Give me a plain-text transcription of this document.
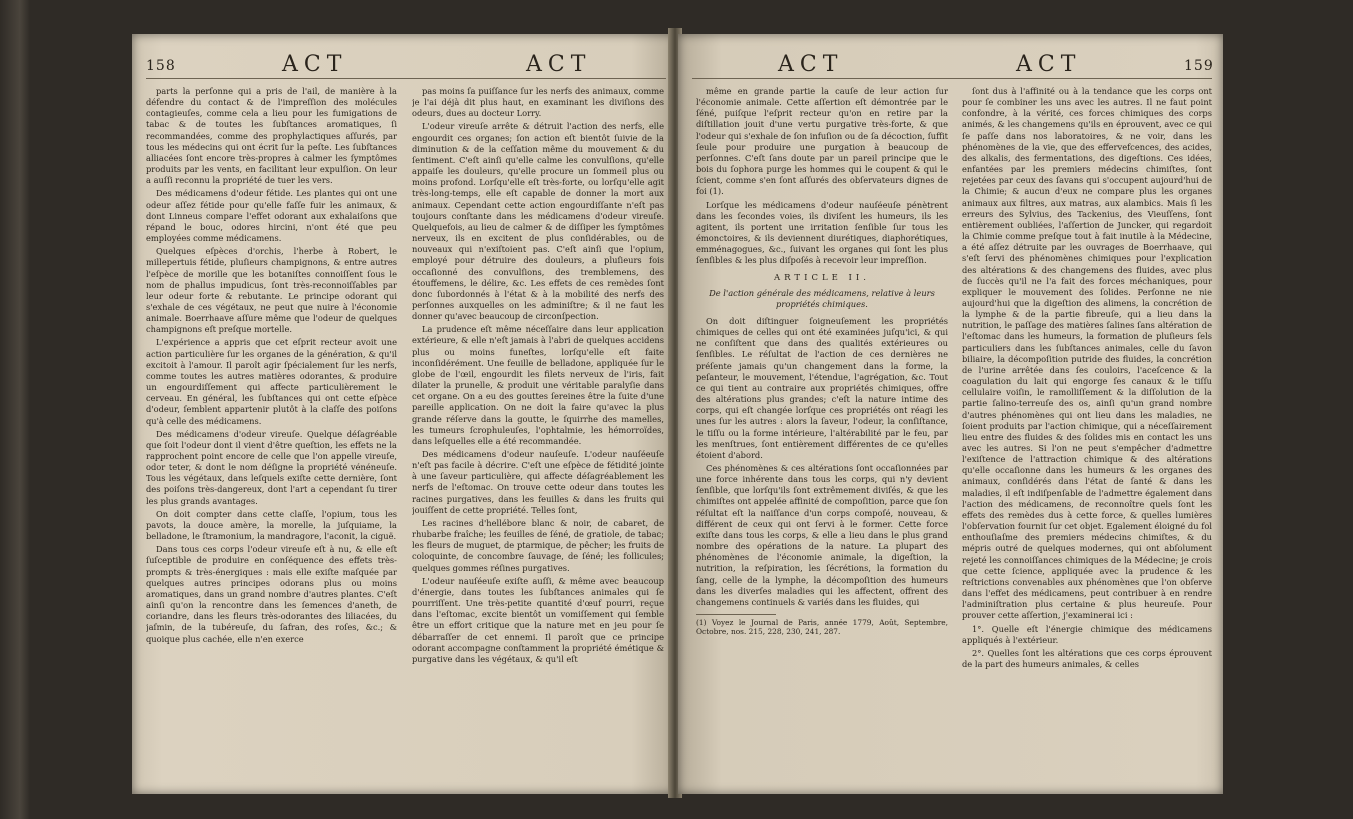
158	ACT	ACT

parts la perſonne qui a pris de l'ail, de manière à la défendre du contact & de l'impreſſion des molécules contagieuſes, comme cela a lieu pour les fumigations de tabac & de toutes les ſubſtances aromatiques, ſi recommandées, comme des prophylactiques aſſurés, par tous les médecins qui ont écrit ſur la peſte. Les ſubſtances alliacées ſont encore très-propres à calmer les ſymptômes produits par les vents, en facilitant leur expulſion. On leur a auſſi reconnu la propriété de tuer les vers.

Des médicamens d'odeur fétide. Les plantes qui ont une odeur aſſez fétide pour qu'elle faſſe fuir les animaux, & dont Linneus compare l'effet odorant aux exhalaiſons que répand le bouc, odores hircini, n'ont été que peu employées comme médicamens.

Quelques eſpèces d'orchis, l'herbe à Robert, le millepertuis fétide, pluſieurs champignons, & entre autres l'eſpèce de morille que les botaniſtes connoiſſent ſous le nom de phallus impudicus, ſont très-reconnoiſſables par leur odeur forte & rebutante. Le principe odorant qui s'exhale de ces végétaux, ne peut que nuire à l'économie animale. Boerrhaave aſſure même que l'odeur de quelques champignons eſt preſque mortelle.

L'expérience a appris que cet eſprit recteur avoit une action particulière ſur les organes de la génération, & qu'il excitoit à l'amour. Il paroît agir ſpécialement ſur les nerfs, comme toutes les autres matières odorantes, & produire un engourdiſſement qui affecte particulièrement le cerveau. En général, les ſubſtances qui ont cette eſpèce d'odeur, ſemblent appartenir plutôt à la claſſe des poiſons qu'à celle des médicamens.

Des médicamens d'odeur vireuſe. Quelque déſagréable que ſoit l'odeur dont il vient d'être queſtion, les effets ne la rapprochent point encore de celle que l'on appelle vireuſe, odor teter, & dont le nom déſigne la propriété vénéneuſe. Tous les végétaux, dans leſquels exiſte cette dernière, ſont des poiſons très-dangereux, dont l'art a cependant ſu tirer les plus grands avantages.

On doit compter dans cette claſſe, l'opium, tous les pavots, la douce amère, la morelle, la juſquiame, la belladone, le ſtramonium, la mandragore, l'aconit, la ciguë.

Dans tous ces corps l'odeur vireuſe eſt à nu, & elle eſt ſuſceptible de produire en conſéquence des effets très-prompts & très-énergiques : mais elle exiſte maſquée par quelques autres principes odorans plus ou moins aromatiques, dans un grand nombre d'autres plantes. C'eſt ainſi qu'on la rencontre dans les ſemences d'aneth, de coriandre, dans les fleurs très-odorantes des liliacées, du jaſmin, de la tubéreuſe, du ſafran, des roſes, &c.; & quoique plus cachée, elle n'en exerce

pas moins ſa puiſſance ſur les nerfs des animaux, comme je l'ai déjà dit plus haut, en examinant les diviſions des odeurs, dues au docteur Lorry.

L'odeur vireuſe arrête & détruit l'action des nerfs, elle engourdit ces organes; ſon action eſt bientôt ſuivie de la diminution & de la ceſſation même du mouvement & du ſentiment. C'eſt ainſi qu'elle calme les convulſions, qu'elle appaiſe les douleurs, qu'elle procure un ſommeil plus ou moins profond. Lorſqu'elle eſt très-forte, ou lorſqu'elle agit très-long-temps, elle eſt capable de donner la mort aux animaux. Cependant cette action engourdiſſante n'eſt pas toujours conſtante dans les médicamens d'odeur vireuſe. Quelquefois, au lieu de calmer & de diſſiper les ſymptômes nerveux, ils en excitent de plus conſidérables, ou de nouveaux qui n'exiſtoient pas. C'eſt ainſi que l'opium, employé pour détruire des douleurs, a pluſieurs fois occaſionné des convulſions, des tremblemens, des étouffemens, le délire, &c. Les effets de ces remèdes ſont donc ſubordonnés à l'état & à la mobilité des nerfs des perſonnes auxquelles on les adminiſtre; & il ne faut les donner qu'avec beaucoup de circonſpection.

La prudence eſt même néceſſaire dans leur application extérieure, & elle n'eſt jamais à l'abri de quelques accidens plus ou moins funeſtes, lorſqu'elle eſt faite inconſidérément. Une feuille de belladone, appliquée ſur le globe de l'œil, engourdit les filets nerveux de l'iris, fait dilater la prunelle, & produit une véritable paralyſie dans cet organe. On a eu des gouttes ſereines être la ſuite d'une pareille application. On ne doit la faire qu'avec la plus grande réſerve dans la goutte, le ſquirrhe des mamelles, les tumeurs ſcrophuleuſes, l'ophtalmie, les hémorroïdes, dans leſquelles elle a été recommandée.

Des médicamens d'odeur nauſeuſe. L'odeur nauſéeuſe n'eſt pas facile à décrire. C'eſt une eſpèce de fétidité jointe à une ſaveur particulière, qui affecte déſagréablement les nerfs de l'eſtomac. On trouve cette odeur dans toutes les racines purgatives, dans les feuilles & dans les fruits qui jouiſſent de cette propriété. Telles ſont,

Les racines d'hellébore blanc & noir, de cabaret, de rhubarbe fraîche; les feuilles de ſéné, de gratiole, de tabac; les fleurs de muguet, de ptarmique, de pêcher; les fruits de coloquinte, de concombre ſauvage, de ſéné; les follicules; quelques gommes réſines purgatives.

L'odeur nauſéeuſe exiſte auſſi, & même avec beaucoup d'énergie, dans toutes les ſubſtances animales qui ſe pourriſſent. Une très-petite quantité d'œuf pourri, reçue dans l'eſtomac, excite bientôt un vomiſſement qui ſemble être un effort critique que la nature met en jeu pour ſe débarraſſer de cet ennemi. Il paroît que ce principe odorant accompagne conſtamment la propriété émétique & purgative dans les végétaux, & qu'il eſt

ACT	ACT	159

même en grande partie la cauſe de leur action ſur l'économie animale. Cette aſſertion eſt démontrée par le ſéné, puiſque l'eſprit recteur qu'on en retire par la diſtillation jouit d'une vertu purgative très-forte, & que l'odeur qui s'exhale de ſon infuſion ou de ſa décoction, ſuffit ſeule pour produire une purgation à beaucoup de perſonnes. C'eſt ſans doute par un pareil principe que le bois du ſophora purge les hommes qui le coupent & qui le ſcient, comme s'en ſont aſſurés des obſervateurs dignes de foi (1).

Lorſque les médicamens d'odeur nauſéeuſe pénètrent dans les ſecondes voies, ils diviſent les humeurs, ils les agitent, ils portent une irritation ſenſible ſur tous les émonctoires, & ils deviennent diurétiques, diaphorétiques, emménagogues, &c., ſuivant les organes qui ſont les plus ſenſibles & les plus diſpoſés à recevoir leur impreſſion.

ARTICLE II.

De l'action générale des médicamens, relative à leurs propriétés chimiques.

On doit diſtinguer ſoigneuſement les propriétés chimiques de celles qui ont été examinées juſqu'ici, & qui ne conſiſtent que dans des qualités extérieures ou ſenſibles. Le réſultat de l'action de ces dernières ne préſente jamais qu'un changement dans la forme, la peſanteur, le mouvement, l'étendue, l'agrégation, &c. Tout ce qui tient au contraire aux propriétés chimiques, offre des altérations plus grandes; c'eſt la nature intime des corps, qui eſt changée lorſque ces propriétés ont réagi les unes ſur les autres : alors la ſaveur, l'odeur, la conſiſtance, le tiſſu ou la forme intérieure, l'altérabilité par le feu, par les menſtrues, ſont entièrement différentes de ce qu'elles étoient d'abord.

Ces phénomènes & ces altérations ſont occaſionnées par une force inhérente dans tous les corps, qui n'y devient ſenſible, que lorſqu'ils ſont extrêmement diviſés, & que les chimiſtes ont appelée affinité de compoſition, parce que ſon réſultat eſt la naiſſance d'un corps compoſé, nouveau, & différent de ceux qui ont ſervi à le former. Cette force exiſte dans tous les corps, & elle a lieu dans le plus grand nombre des opérations de la nature. La plupart des phénomènes de l'économie animale, la digeſtion, la nutrition, la reſpiration, les ſécrétions, la formation du ſang, celle de la lymphe, la décompoſition des humeurs dans les diverſes maladies qui les affectent, offrent des changemens continuels & variés dans les fluides, qui

(1) Voyez le Journal de Paris, année 1779, Août, Septembre, Octobre, nos. 215, 228, 230, 241, 287.

ſont dus à l'affinité ou à la tendance que les corps ont pour ſe combiner les uns avec les autres. Il ne faut point confondre, à la vérité, ces forces chimiques des corps animés, & les changemens qu'ils en éprouvent, avec ce qui ſe paſſe dans nos laboratoires, & ne voir, dans les phénomènes de la vie, que des effervefcences, des acides, des alkalis, des fermentations, des digeſtions. Ces idées, enfantées par les premiers médecins chimiſtes, ſont rejetées par ceux des ſavans qui s'occupent aujourd'hui de la Chimie; & aucun d'eux ne compare plus les organes animaux aux filtres, aux matras, aux alambics. Mais ſi les erreurs des Sylvius, des Tackenius, des Vieuſſens, ſont entièrement oubliées, l'aſſertion de Juncker, qui regardoit la Chimie comme preſque tout à fait inutile à la Médecine, a été aſſez détruite par les ouvrages de Boerrhaave, qui s'eſt ſervi des phénomènes chimiques pour l'explication des altérations & des changemens des fluides, avec plus de ſuccès qu'il ne l'a fait des forces méchaniques, pour expliquer le mouvement des ſolides. Perſonne ne nie aujourd'hui que la digeſtion des alimens, la concrétion de la lymphe & de la partie fibreuſe, qui a lieu dans la nutrition, le paſſage des matières ſalines ſans altération de l'eſtomac dans les humeurs, la formation de pluſieurs ſels particuliers dans les ſubſtances animales, celle du ſavon biliaire, la décompoſition putride des fluides, la concrétion de l'urine arrêtée dans ſes couloirs, l'aceſcence & la coagulation du lait qui engorge ſes canaux & le tiſſu cellulaire voiſin, le ramolliſſement & la diſſolution de la partie ſalino-terreuſe des os, ainſi qu'un grand nombre d'autres phénomènes qui ont lieu dans les maladies, ne ſoient produits par l'action chimique, qui a néceſſairement lieu entre des fluides & des ſolides mis en contact les uns avec les autres. Si l'on ne peut s'empêcher d'admettre l'exiſtence de l'attraction chimique & des altérations qu'elle occaſionne dans les humeurs & les organes des animaux, conſidérés dans l'état de ſanté & dans les maladies, il eſt indiſpenſable de l'admettre également dans l'action des médicamens, de reconnoître quels ſont les effets des remèdes dus à cette force, & quelles lumières l'obſervation fournit ſur cet objet. Egalement éloigné du fol enthouſiaſme des premiers médecins chimiſtes, & du mépris outré de quelques modernes, qui ont abſolument rejeté les connoiſſances chimiques de la Médecine; je crois que cette ſcience, appliquée avec la prudence & les reſtrictions convenables aux phénomènes que l'on obſerve dans l'effet des médicamens, peut contribuer à en rendre l'adminiſtration plus certaine & plus heureuſe. Pour prouver cette aſſertion, j'examinerai ici :

1°. Quelle eſt l'énergie chimique des médicamens appliqués à l'extérieur.

2°. Quelles ſont les altérations que ces corps éprouvent de la part des humeurs animales, & celles
